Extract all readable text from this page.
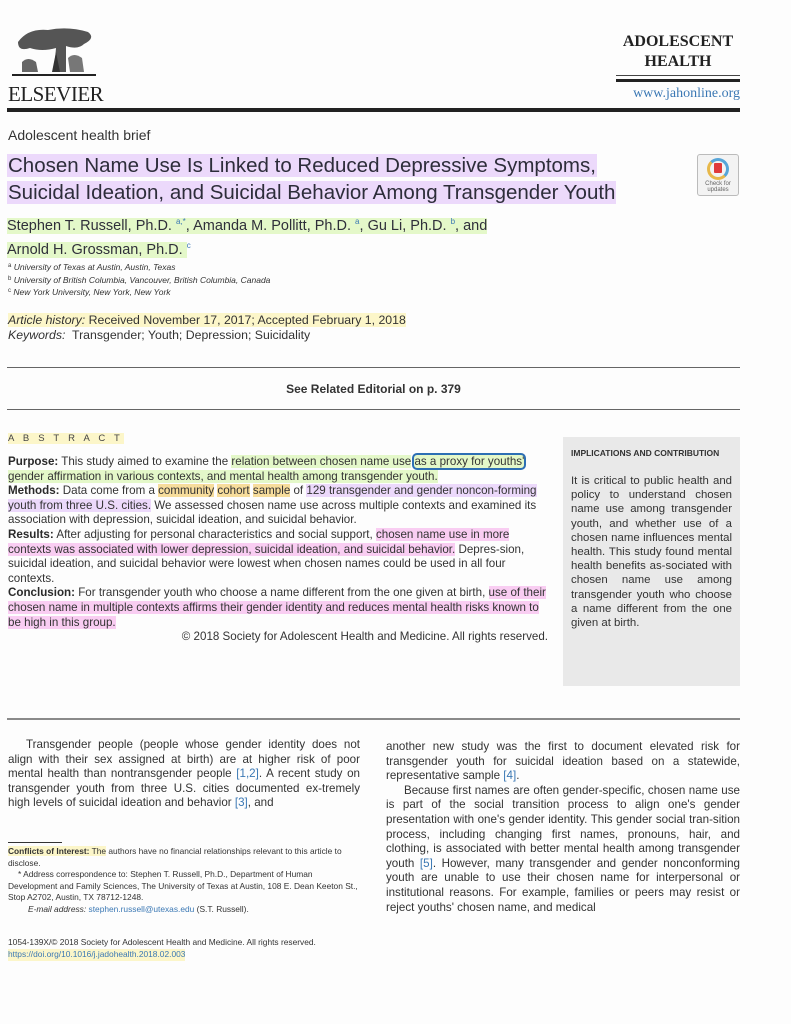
ELSEVIER
ADOLESCENT
HEALTH
www.jahonline.org
Adolescent health brief
Chosen Name Use Is Linked to Reduced Depressive Symptoms,
Suicidal Ideation, and Suicidal Behavior Among Transgender Youth	Check for updates
Stephen T. Russell, Ph.D. $^{a,*}$, Amanda M. Pollitt, Ph.D. $^a$, Gu Li, Ph.D. $^b$, and
Arnold H. Grossman, Ph.D. $^c$
$^a$ University of Texas at Austin, Austin, Texas
$^b$ University of British Columbia, Vancouver, British Columbia, Canada
$^c$ New York University, New York, New York
Article history: Received November 17, 2017; Accepted February 1, 2018
Keywords:  Transgender; Youth; Depression; Suicidality
See Related Editorial on p. 379
A B S T R A C T
Purpose: This study aimed to examine the relation between chosen name use as a proxy for youths' gender affirmation in various contexts, and mental health among transgender youth.
Methods: Data come from a community cohort sample of 129 transgender and gender noncon-forming youth from three U.S. cities. We assessed chosen name use across multiple contexts and examined its association with depression, suicidal ideation, and suicidal behavior.
Results: After adjusting for personal characteristics and social support, chosen name use in more contexts was associated with lower depression, suicidal ideation, and suicidal behavior. Depres-sion, suicidal ideation, and suicidal behavior were lowest when chosen names could be used in all four contexts.
Conclusion: For transgender youth who choose a name different from the one given at birth, use of their chosen name in multiple contexts affirms their gender identity and reduces mental health risks known to be high in this group.
© 2018 Society for Adolescent Health and Medicine. All rights reserved.
IMPLICATIONS AND CONTRIBUTION
It is critical to public health and policy to understand chosen name use among transgender youth, and whether use of a chosen name influences mental health. This study found mental health benefits as-sociated with chosen name use among transgender youth who choose a name different from the one given at birth.

Transgender people (people whose gender identity does not align with their sex assigned at birth) are at higher risk of poor mental health than nontransgender people [1,2]. A recent study on transgender youth from three U.S. cities documented ex-tremely high levels of suicidal ideation and behavior [3], and

another new study was the first to document elevated risk for transgender youth for suicidal ideation based on a statewide, representative sample [4].

Because first names are often gender-specific, chosen name use is part of the social transition process to align one's gender presentation with one's gender identity. This gender social tran-sition process, including changing first names, pronouns, hair, and clothing, is associated with better mental health among transgender youth [5]. However, many transgender and gender nonconforming youth are unable to use their chosen name for interpersonal or institutional reasons. For example, families or peers may resist or reject youths' chosen name, and medical

Conflicts of Interest: The authors have no financial relationships relevant to this article to disclose.
* Address correspondence to: Stephen T. Russell, Ph.D., Department of Human Development and Family Sciences, The University of Texas at Austin, 108 E. Dean Keeton St., Stop A2702, Austin, TX 78712-1248.
E-mail address: stephen.russell@utexas.edu (S.T. Russell).
1054-139X/© 2018 Society for Adolescent Health and Medicine. All rights reserved.
https://doi.org/10.1016/j.jadohealth.2018.02.003
